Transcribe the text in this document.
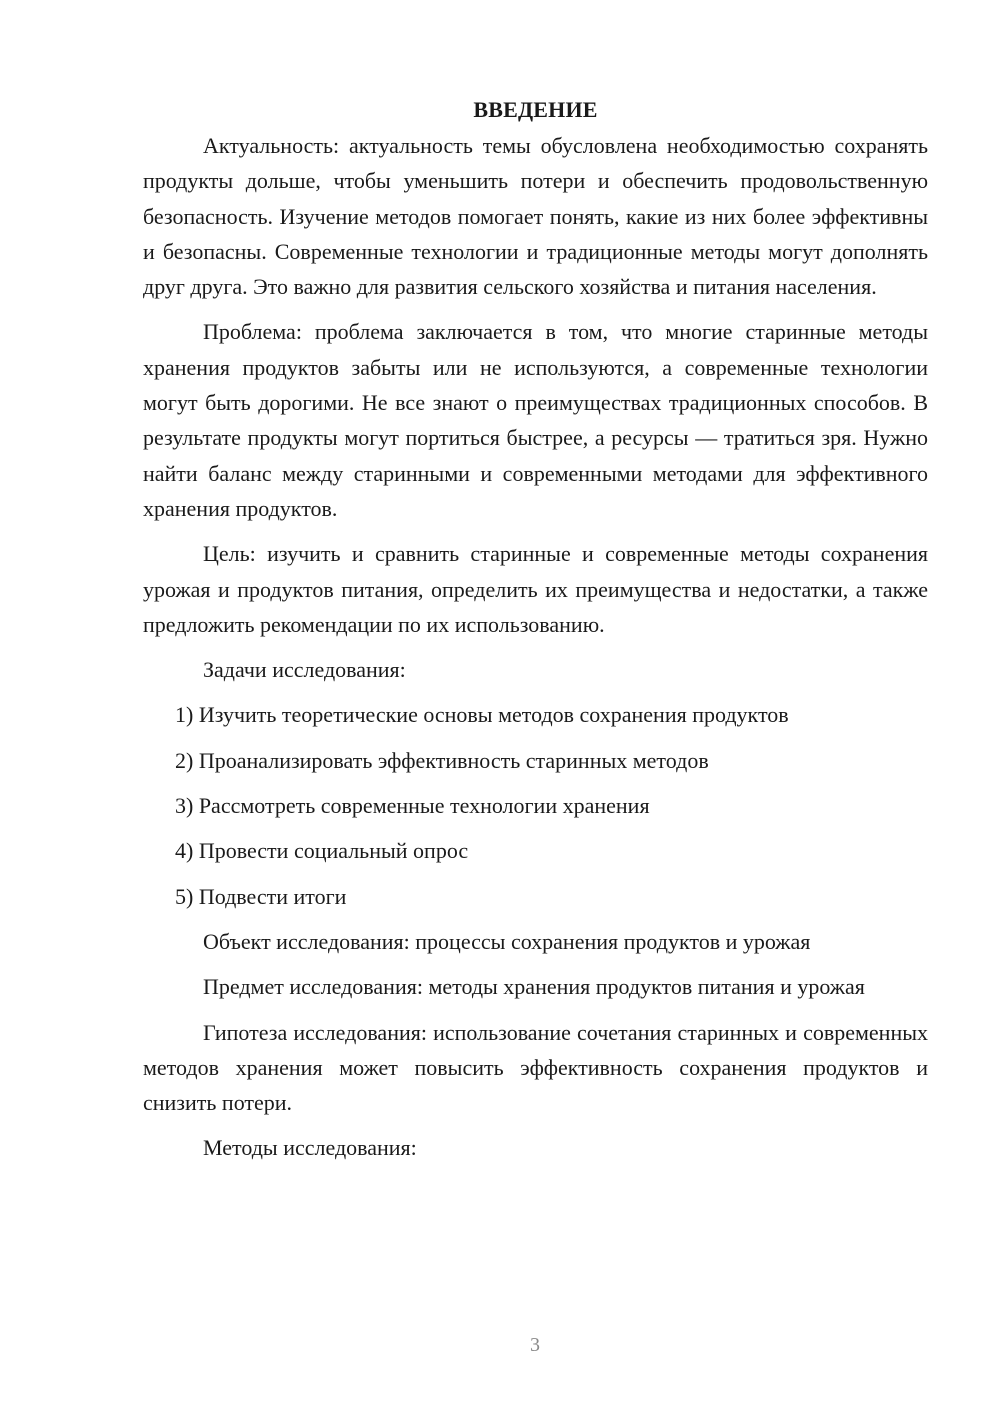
ВВЕДЕНИЕ

Актуальность: актуальность темы обусловлена необходимостью сохранять продукты дольше, чтобы уменьшить потери и обеспечить продовольственную безопасность. Изучение методов помогает понять, какие из них более эффективны и безопасны. Современные технологии и традиционные методы могут дополнять друг друга. Это важно для развития сельского хозяйства и питания населения.

Проблема: проблема заключается в том, что многие старинные методы хранения продуктов забыты или не используются, а современные технологии могут быть дорогими. Не все знают о преимуществах традиционных способов. В результате продукты могут портиться быстрее, а ресурсы — тратиться зря. Нужно найти баланс между старинными и современными методами для эффективного хранения продуктов.

Цель: изучить и сравнить старинные и современные методы сохранения урожая и продуктов питания, определить их преимущества и недостатки, а также предложить рекомендации по их использованию.

Задачи исследования:

1) Изучить теоретические основы методов сохранения продуктов
2) Проанализировать эффективность старинных методов
3) Рассмотреть современные технологии хранения
4) Провести социальный опрос
5) Подвести итоги

Объект исследования: процессы сохранения продуктов и урожая

Предмет исследования: методы хранения продуктов питания и урожая

Гипотеза исследования: использование сочетания старинных и современных методов хранения может повысить эффективность сохранения продуктов и снизить потери.

Методы исследования:

3
